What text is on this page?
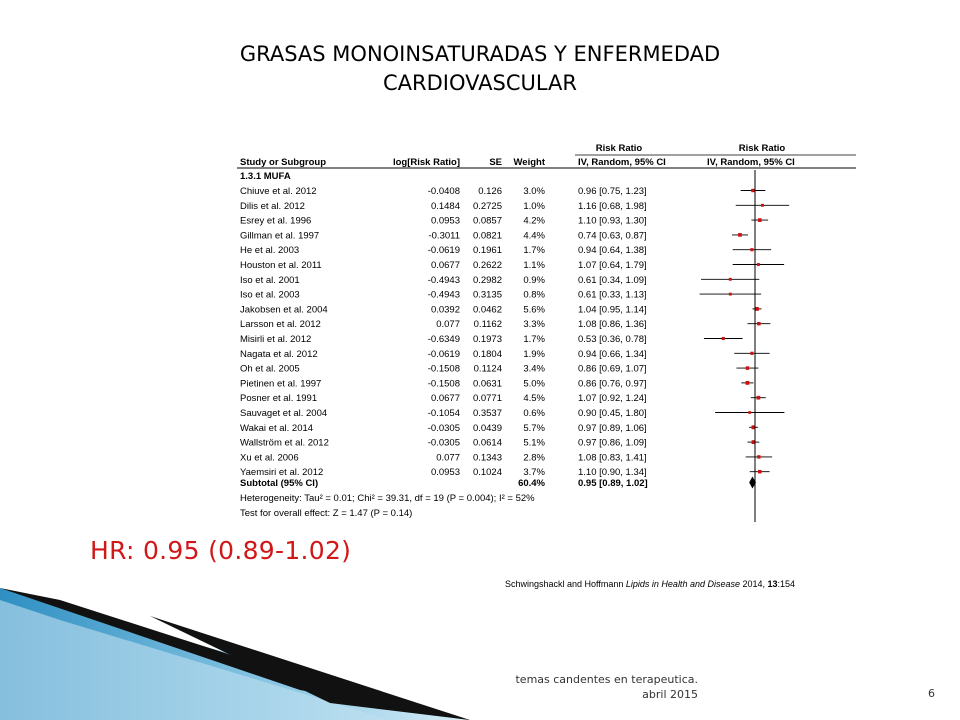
GRASAS MONOINSATURADAS Y ENFERMEDAD
CARDIOVASCULAR
Risk Ratio	Risk Ratio
Study or Subgroup	log[Risk Ratio]	SE Weight	IV, Random, 95% CI	IV, Random, 95% CI
1.3.1 MUFA
Chiuve et al. 2012	-0.0408 0.126 3.0%	0.96 [0.75, 1.23]
Dilis et al. 2012	0.1484 0.2725 1.0%	1.16 [0.68, 1.98]
Esrey et al. 1996	0.0953 0.0857 4.2%	1.10 [0.93, 1.30]
Gillman et al. 1997	-0.3011 0.0821 4.4%	0.74 [0.63, 0.87]
He et al. 2003	-0.0619 0.1961 1.7%	0.94 [0.64, 1.38]
Houston et al. 2011	0.0677 0.2622 1.1%	1.07 [0.64, 1.79]
Iso et al. 2001	-0.4943 0.2982 0.9%	0.61 [0.34, 1.09]
Iso et al. 2003	-0.4943 0.3135 0.8%	0.61 [0.33, 1.13]
Jakobsen et al. 2004	0.0392 0.0462 5.6%	1.04 [0.95, 1.14]
Larsson et al. 2012	0.077 0.1162 3.3%	1.08 [0.86, 1.36]
Misirli et al. 2012	-0.6349 0.1973 1.7%	0.53 [0.36, 0.78]
Nagata et al. 2012	-0.0619 0.1804 1.9%	0.94 [0.66, 1.34]
Oh et al. 2005	-0.1508 0.1124 3.4%	0.86 [0.69, 1.07]
Pietinen et al. 1997	-0.1508 0.0631 5.0%	0.86 [0.76, 0.97]
Posner et al. 1991	0.0677 0.0771 4.5%	1.07 [0.92, 1.24]
Sauvaget et al. 2004	-0.1054 0.3537 0.6%	0.90 [0.45, 1.80]
Wakai et al. 2014	-0.0305 0.0439 5.7%	0.97 [0.89, 1.06]
Wallström et al. 2012	-0.0305 0.0614 5.1%	0.97 [0.86, 1.09]
Xu et al. 2006	0.077 0.1343 2.8%	1.08 [0.83, 1.41]
Yaemsiri et al. 2012	0.0953 0.1024 3.7%	1.10 [0.90, 1.34]
Subtotal (95% CI)	60.4%	0.95 [0.89, 1.02]
Heterogeneity: Tau² = 0.01; Chi² = 39.31, df = 19 (P = 0.004); I² = 52%
Test for overall effect: Z = 1.47 (P = 0.14)
HR: 0.95 (0.89-1.02)
Schwingshackl and Hoffmann Lipids in Health and Disease 2014, 13:154
temas candentes en terapeutica.
abril 2015	6
